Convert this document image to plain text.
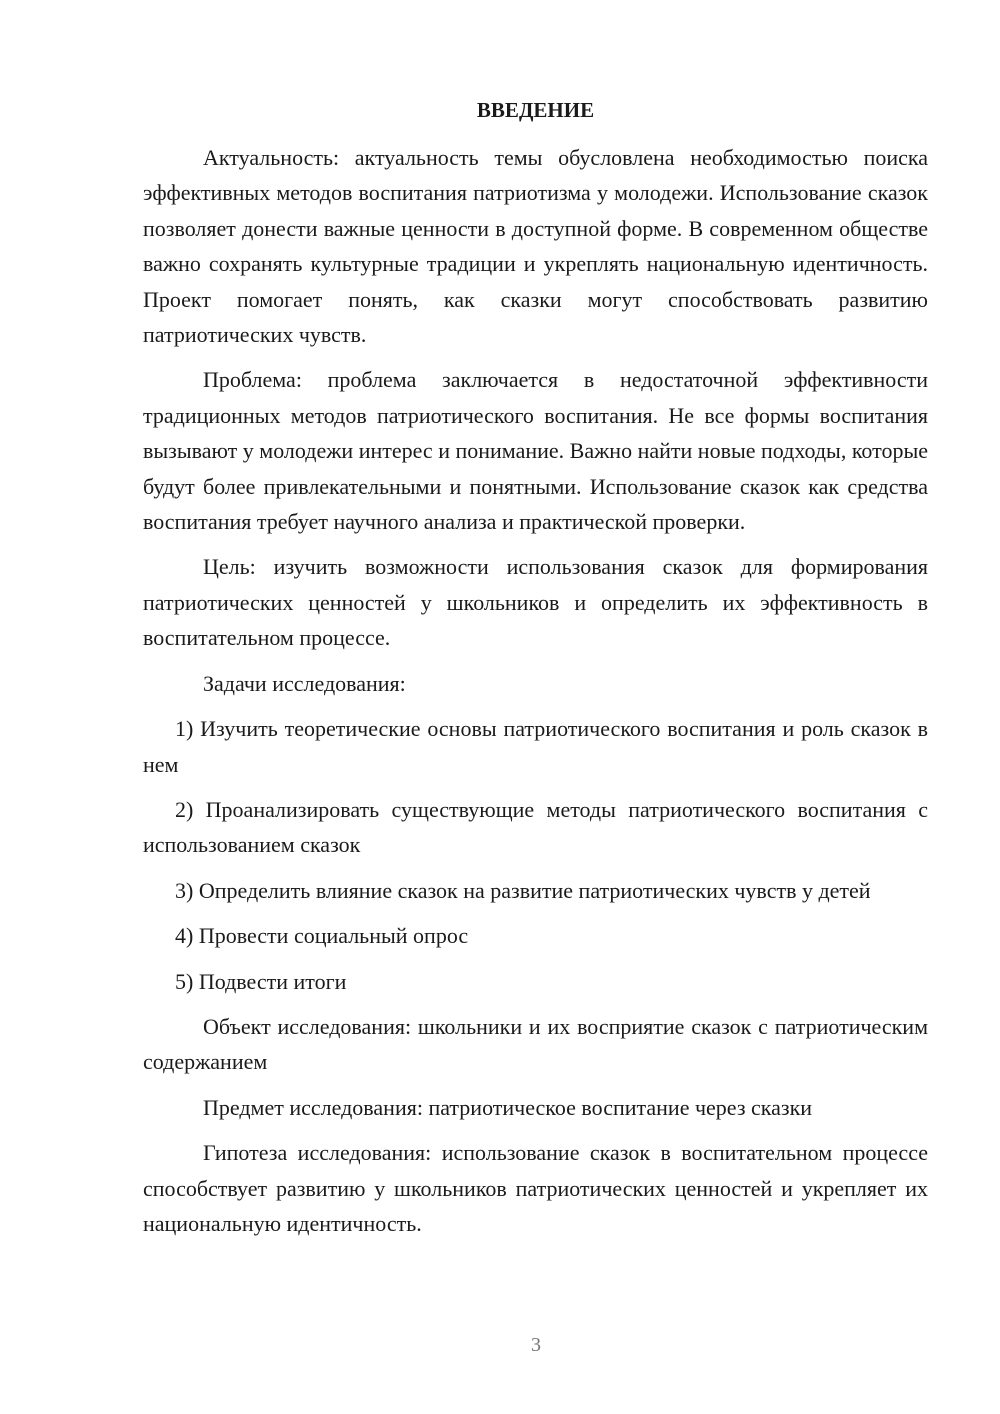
ВВЕДЕНИЕ

Актуальность: актуальность темы обусловлена необходимостью поиска эффективных методов воспитания патриотизма у молодежи. Использование сказок позволяет донести важные ценности в доступной форме. В современном обществе важно сохранять культурные традиции и укреплять национальную идентичность. Проект помогает понять, как сказки могут способствовать развитию патриотических чувств.

Проблема: проблема заключается в недостаточной эффективности традиционных методов патриотического воспитания. Не все формы воспитания вызывают у молодежи интерес и понимание. Важно найти новые подходы, которые будут более привлекательными и понятными. Использование сказок как средства воспитания требует научного анализа и практической проверки.

Цель: изучить возможности использования сказок для формирования патриотических ценностей у школьников и определить их эффективность в воспитательном процессе.

Задачи исследования:

1) Изучить теоретические основы патриотического воспитания и роль сказок в нем

2) Проанализировать существующие методы патриотического воспитания с использованием сказок

3) Определить влияние сказок на развитие патриотических чувств у детей

4) Провести социальный опрос

5) Подвести итоги

Объект исследования: школьники и их восприятие сказок с патриотическим содержанием

Предмет исследования: патриотическое воспитание через сказки

Гипотеза исследования: использование сказок в воспитательном процессе способствует развитию у школьников патриотических ценностей и укрепляет их национальную идентичность.

3
